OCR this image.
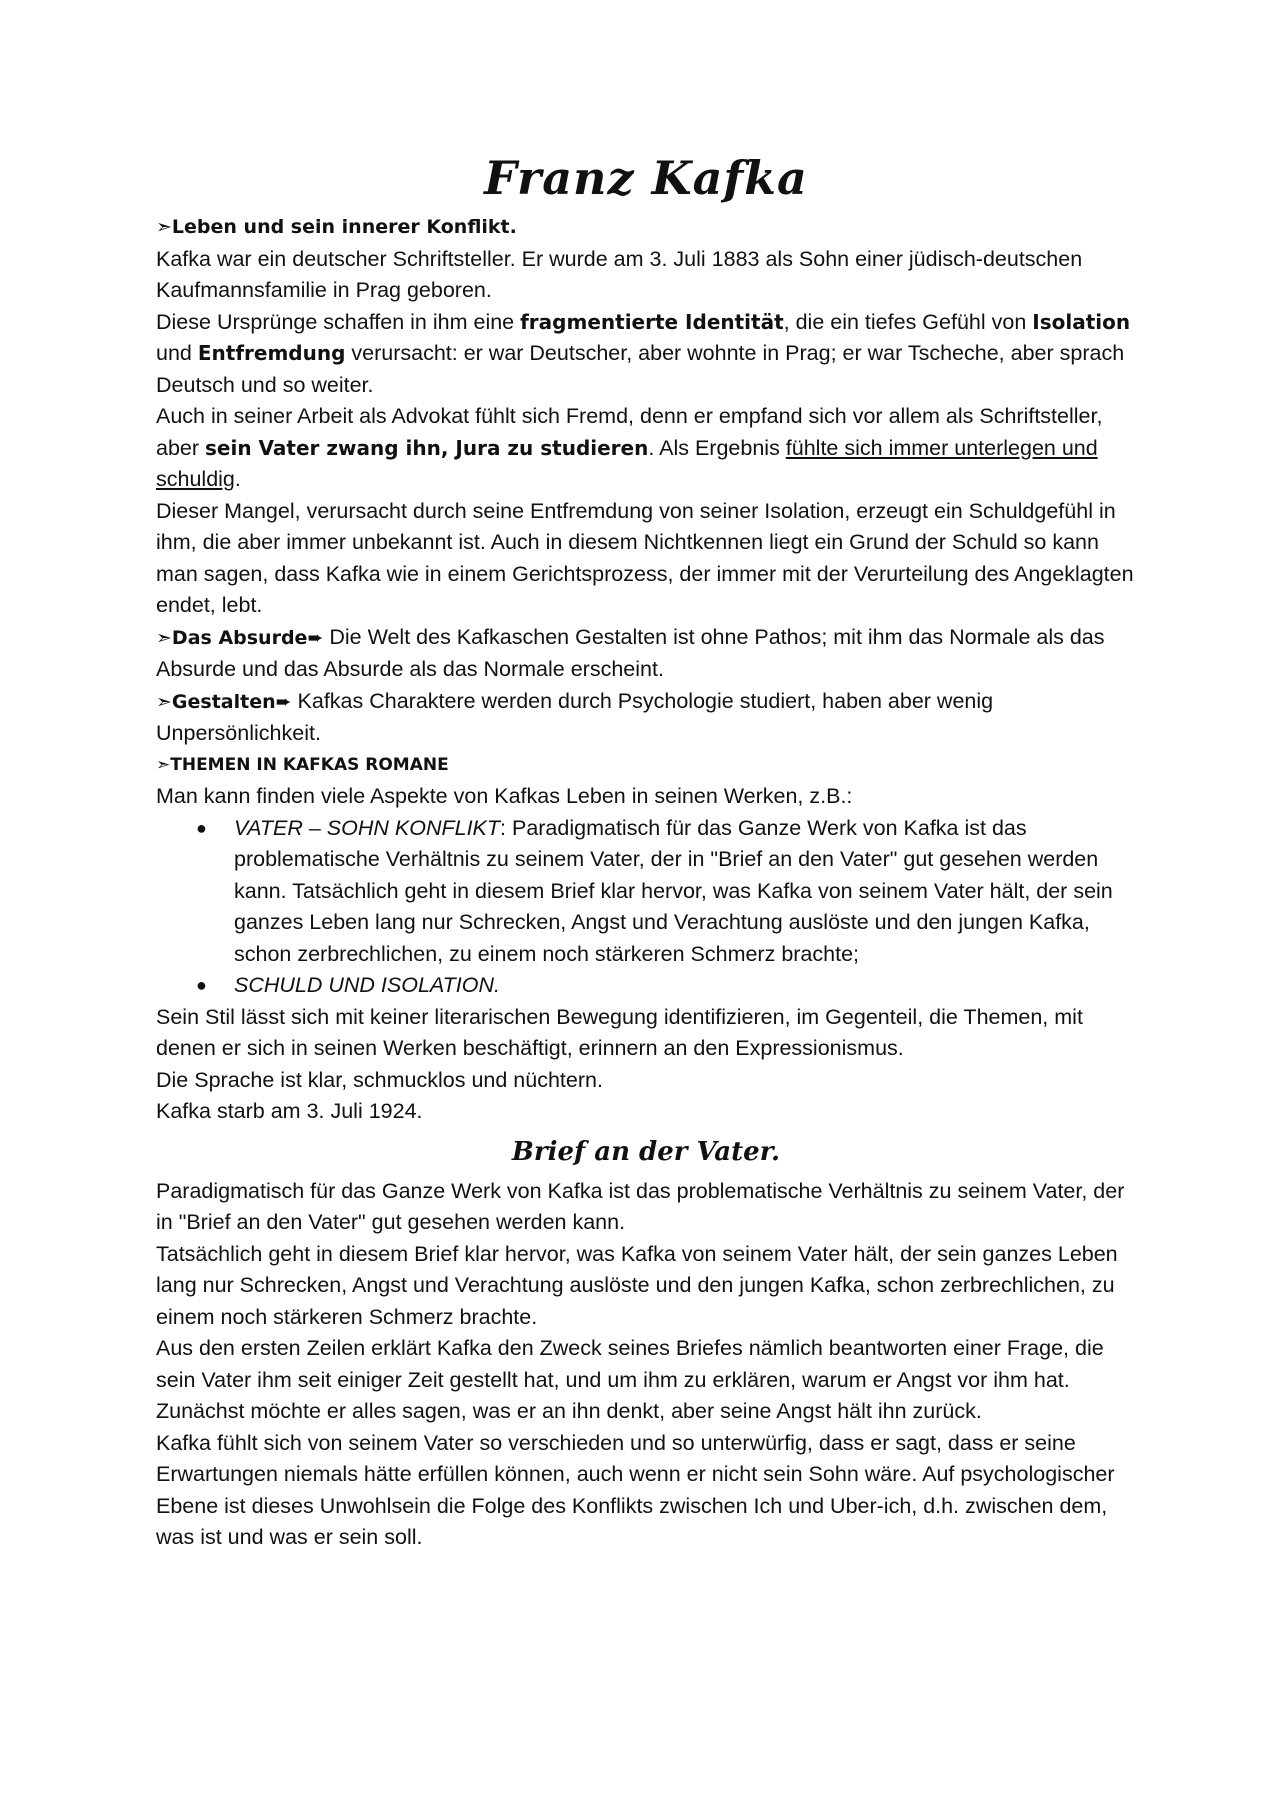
Franz Kafka
➣Leben und sein innerer Konflikt.

Kafka war ein deutscher Schriftsteller. Er wurde am 3. Juli 1883 als Sohn einer jüdisch-deutschen Kaufmannsfamilie in Prag geboren.

Diese Ursprünge schaffen in ihm eine fragmentierte Identität, die ein tiefes Gefühl von Isolation und Entfremdung verursacht: er war Deutscher, aber wohnte in Prag; er war Tscheche, aber sprach Deutsch und so weiter.

Auch in seiner Arbeit als Advokat fühlt sich Fremd, denn er empfand sich vor allem als Schriftsteller, aber sein Vater zwang ihn, Jura zu studieren. Als Ergebnis fühlte sich immer unterlegen und schuldig.

Dieser Mangel, verursacht durch seine Entfremdung von seiner Isolation, erzeugt ein Schuldgefühl in ihm, die aber immer unbekannt ist. Auch in diesem Nichtkennen liegt ein Grund der Schuld so kann man sagen, dass Kafka wie in einem Gerichtsprozess, der immer mit der Verurteilung des Angeklagten endet, lebt.

➣Das Absurde➨ Die Welt des Kafkaschen Gestalten ist ohne Pathos; mit ihm das Normale als das Absurde und das Absurde als das Normale erscheint.

➣Gestalten➨ Kafkas Charaktere werden durch Psychologie studiert, haben aber wenig Unpersönlichkeit.

➣THEMEN IN KAFKAS ROMANE

Man kann finden viele Aspekte von Kafkas Leben in seinen Werken, z.B.:

● VATER – SOHN KONFLIKT: Paradigmatisch für das Ganze Werk von Kafka ist das problematische Verhältnis zu seinem Vater, der in "Brief an den Vater" gut gesehen werden kann. Tatsächlich geht in diesem Brief klar hervor, was Kafka von seinem Vater hält, der sein ganzes Leben lang nur Schrecken, Angst und Verachtung auslöste und den jungen Kafka, schon zerbrechlichen, zu einem noch stärkeren Schmerz brachte;
● SCHULD UND ISOLATION.

Sein Stil lässt sich mit keiner literarischen Bewegung identifizieren, im Gegenteil, die Themen, mit denen er sich in seinen Werken beschäftigt, erinnern an den Expressionismus.

Die Sprache ist klar, schmucklos und nüchtern.

Kafka starb am 3. Juli 1924.

Brief an der Vater.

Paradigmatisch für das Ganze Werk von Kafka ist das problematische Verhältnis zu seinem Vater, der in "Brief an den Vater" gut gesehen werden kann.

Tatsächlich geht in diesem Brief klar hervor, was Kafka von seinem Vater hält, der sein ganzes Leben lang nur Schrecken, Angst und Verachtung auslöste und den jungen Kafka, schon zerbrechlichen, zu einem noch stärkeren Schmerz brachte.

Aus den ersten Zeilen erklärt Kafka den Zweck seines Briefes nämlich beantworten einer Frage, die sein Vater ihm seit einiger Zeit gestellt hat, und um ihm zu erklären, warum er Angst vor ihm hat. Zunächst möchte er alles sagen, was er an ihn denkt, aber seine Angst hält ihn zurück.

Kafka fühlt sich von seinem Vater so verschieden und so unterwürfig, dass er sagt, dass er seine Erwartungen niemals hätte erfüllen können, auch wenn er nicht sein Sohn wäre. Auf psychologischer

Ebene ist dieses Unwohlsein die Folge des Konflikts zwischen Ich und Uber-ich, d.h. zwischen dem, was ist und was er sein soll.
